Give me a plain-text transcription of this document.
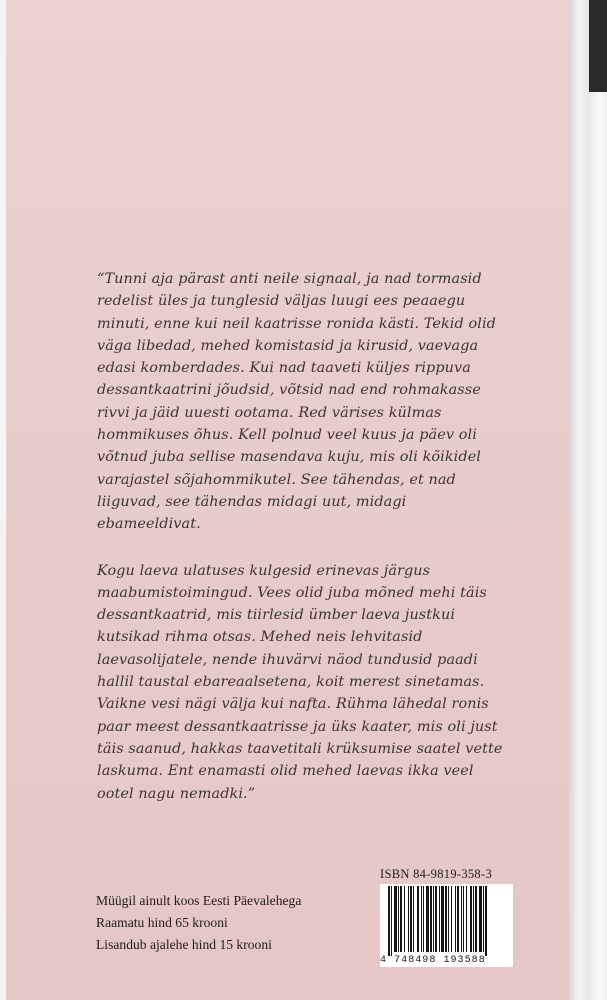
“Tunni aja pärast anti neile signaal, ja nad tormasid

redelist üles ja tunglesid väljas luugi ees peaaegu

minuti, enne kui neil kaatrisse ronida kästi. Tekid olid

väga libedad, mehed komistasid ja kirusid, vaevaga

edasi komberdades. Kui nad taaveti küljes rippuva

dessantkaatrini jõudsid, võtsid nad end rohmakasse

rivvi ja jäid uuesti ootama. Red värises külmas

hommikuses õhus. Kell polnud veel kuus ja päev oli

võtnud juba sellise masendava kuju, mis oli kõikidel

varajastel sõjahommikutel. See tähendas, et nad

liiguvad, see tähendas midagi uut, midagi

ebameeldivat.

Kogu laeva ulatuses kulgesid erinevas järgus

maabumistoimingud. Vees olid juba mõned mehi täis

dessantkaatrid, mis tiirlesid ümber laeva justkui

kutsikad rihma otsas. Mehed neis lehvitasid

laevasolijatele, nende ihuvärvi näod tundusid paadi

hallil taustal ebareaalsetena, koit merest sinetamas.

Vaikne vesi nägi välja kui nafta. Rühma lähedal ronis

paar meest dessantkaatrisse ja üks kaater, mis oli just

täis saanud, hakkas taavetitali krüksumise saatel vette

laskuma. Ent enamasti olid mehed laevas ikka veel

ootel nagu nemadki.”

ISBN 84-9819-358-3
4 748498 193588
Müügil ainult koos Eesti Päevalehega
Raamatu hind 65 krooni
Lisandub ajalehe hind 15 krooni
